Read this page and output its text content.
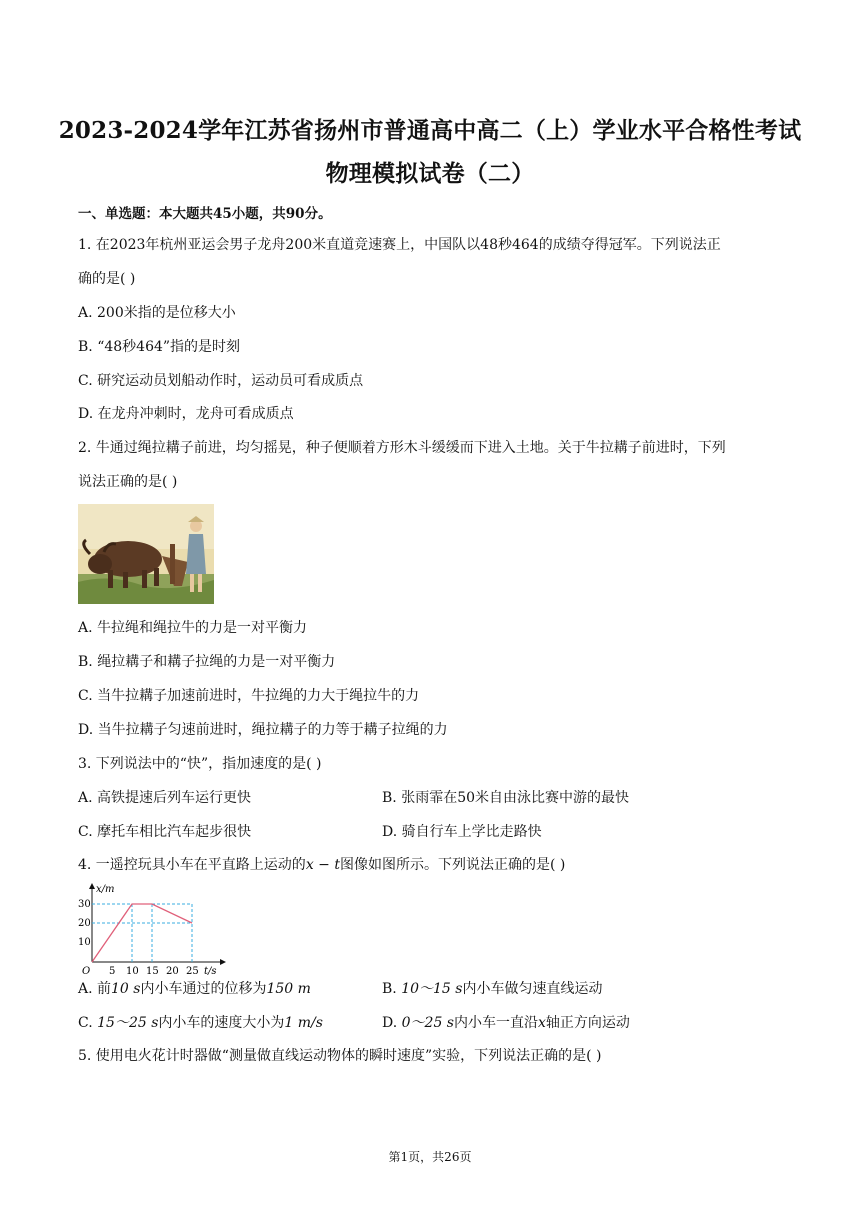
2023-2024学年江苏省扬州市普通高中高二（上）学业水平合格性考试
物理模拟试卷（二）
一、单选题：本大题共45小题，共90分。
1. 在2023年杭州亚运会男子龙舟200米直道竞速赛上，中国队以48秒464的成绩夺得冠军。下列说法正
确的是( )
A. 200米指的是位移大小
B. “48秒464”指的是时刻
C. 研究运动员划船动作时，运动员可看成质点
D. 在龙舟冲刺时，龙舟可看成质点
2. 牛通过绳拉耩子前进，均匀摇晃，种子便顺着方形木斗缓缓而下进入土地。关于牛拉耩子前进时，下列
说法正确的是( )
A. 牛拉绳和绳拉牛的力是一对平衡力
B. 绳拉耩子和耩子拉绳的力是一对平衡力
C. 当牛拉耩子加速前进时，牛拉绳的力大于绳拉牛的力
D. 当牛拉耩子匀速前进时，绳拉耩子的力等于耩子拉绳的力
3. 下列说法中的“快”，指加速度的是( )
A. 高铁提速后列车运行更快	B. 张雨霏在50米自由泳比赛中游的最快
C. 摩托车相比汽车起步很快	D. 骑自行车上学比走路快
4. 一遥控玩具小车在平直路上运动的x − t图像如图所示。下列说法正确的是( )
x/m
t/s
O
30
20
10
5 10 15 20 25
A. 前10 s内小车通过的位移为150 m	B. 10～15 s内小车做匀速直线运动
C. 15～25 s内小车的速度大小为1 m/s	D. 0～25 s内小车一直沿x轴正方向运动
5. 使用电火花计时器做“测量做直线运动物体的瞬时速度”实验，下列说法正确的是( )
第1页，共26页
